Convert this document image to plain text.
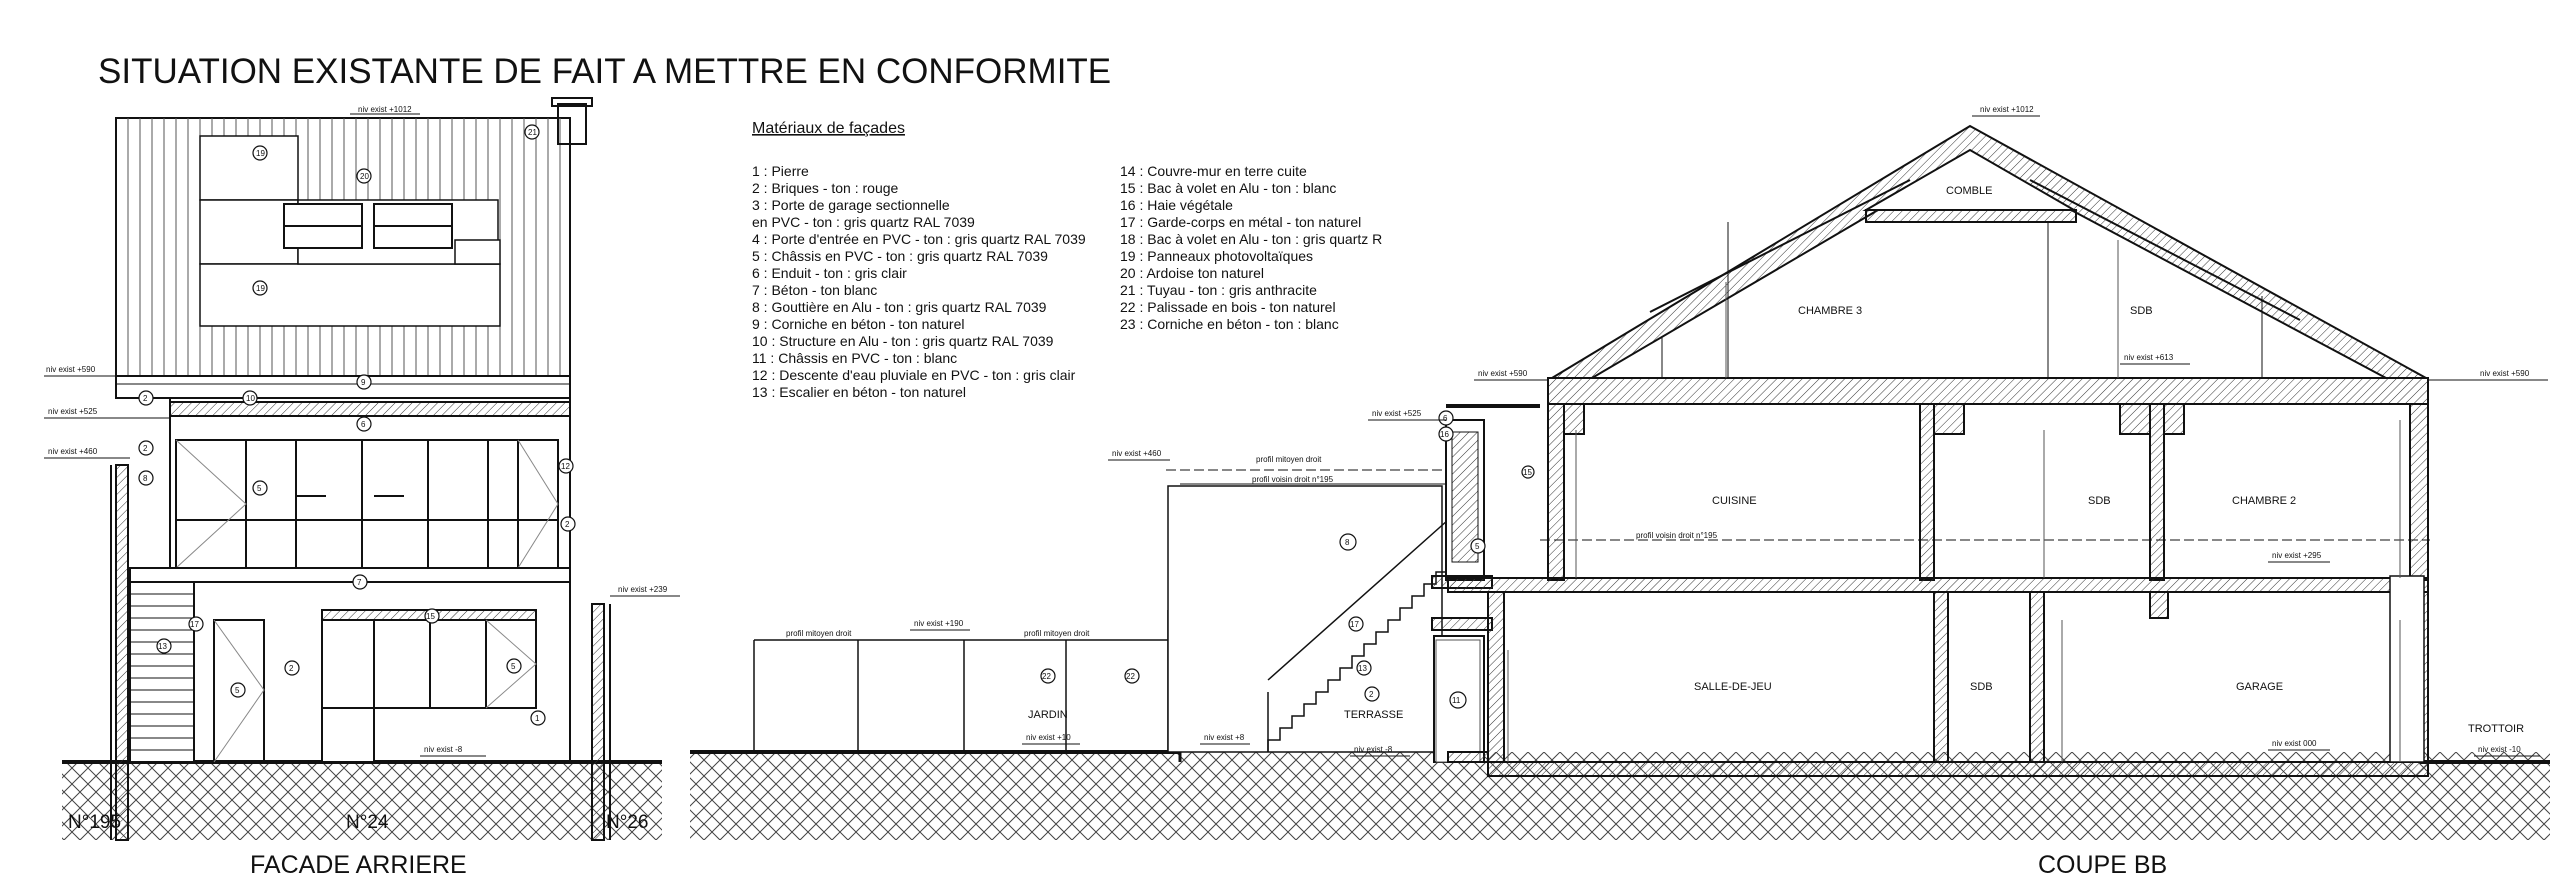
SITUATION EXISTANTE DE FAIT A METTRE EN CONFORMITE
19
20
19
21
10
9
2
2
8
6
12
5
7
2
17
13
5
2
15
5
1
niv exist +1012
niv exist +590
niv exist +525
niv exist +460
niv exist +239
niv exist -8
N°195	N°24	N°26
FACADE ARRIERE
Matériaux de façades
1 : Pierre
2 : Briques - ton : rouge
3 : Porte de garage sectionnelle
en PVC - ton : gris quartz RAL 7039
4 : Porte d'entrée en PVC - ton : gris quartz RAL 7039
5 : Châssis en PVC - ton : gris quartz RAL 7039
6 : Enduit - ton : gris clair
7 : Béton - ton blanc
8 : Gouttière en Alu - ton : gris quartz RAL 7039
9 : Corniche en béton - ton naturel
10 : Structure en Alu - ton : gris quartz RAL 7039
11 : Châssis en PVC - ton : blanc
12 : Descente d'eau pluviale en PVC - ton : gris clair
13 : Escalier en béton - ton naturel
14 : Couvre-mur en terre cuite
15 : Bac à volet en Alu - ton : blanc
16 : Haie végétale
17 : Garde-corps en métal - ton naturel
18 : Bac à volet en Alu - ton : gris quartz R
19 : Panneaux photovoltaïques
20 : Ardoise ton naturel
21 : Tuyau - ton : gris anthracite
22 : Palissade en bois - ton naturel
23 : Corniche en béton - ton : blanc
6
16
5
8
17
13
2
22	22
11
15
COMBLE
CHAMBRE 3	SDB
CUISINE	SDB	CHAMBRE 2
SALLE-DE-JEU	SDB	GARAGE
JARDIN	TERRASSE
TROTTOIR
niv exist +1012
niv exist +590	niv exist +590
niv exist +613
niv exist +525
niv exist +460
niv exist +295
niv exist +190
niv exist +10	niv exist +8
niv exist -8
niv exist 000
niv exist -10
profil mitoyen droit
profil voisin droit n°195
profil voisin droit n°195
profil mitoyen droit	profil mitoyen droit
COUPE BB
